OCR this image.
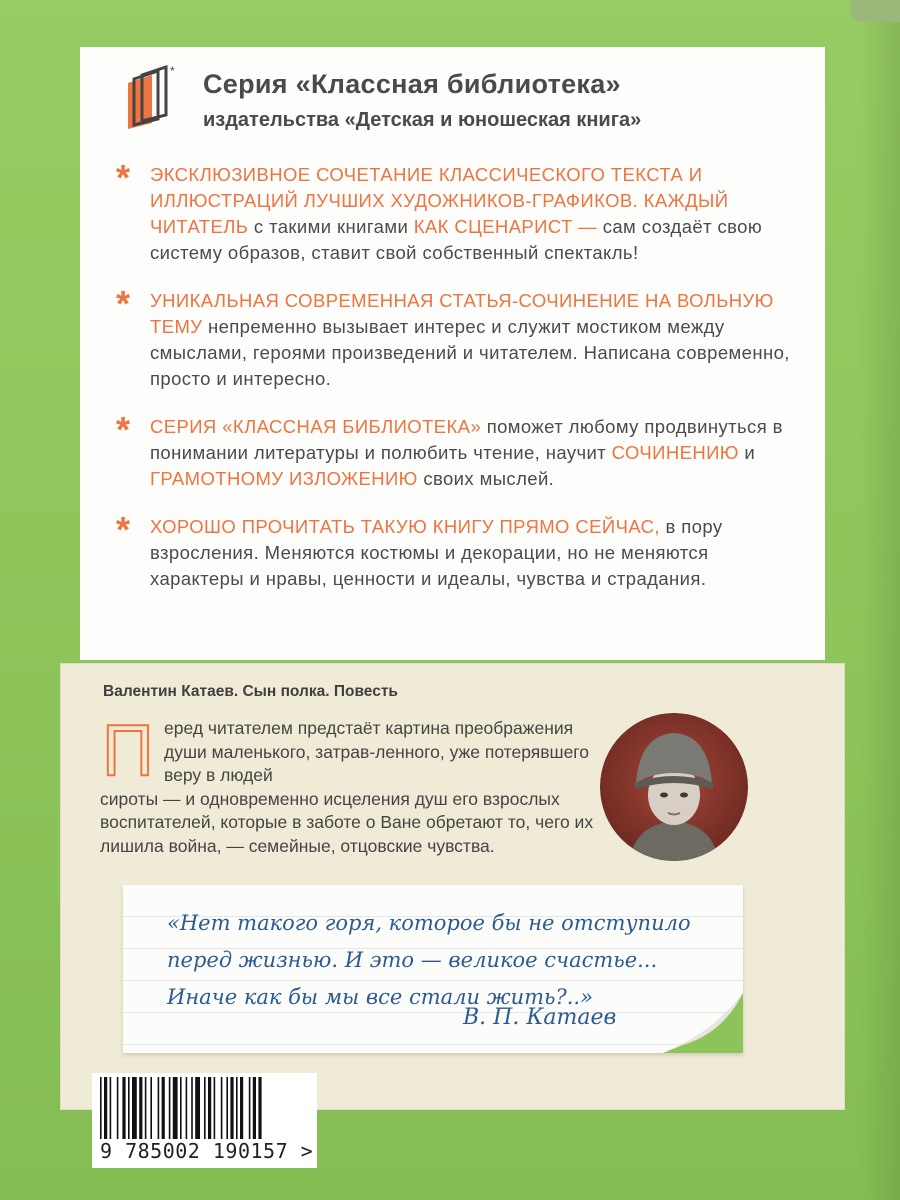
* Серия «Классная библиотека»
издательства «Детская и юношеская книга»
* ЭКСКЛЮЗИВНОЕ СОЧЕТАНИЕ КЛАССИЧЕСКОГО ТЕКСТА И ИЛЛЮСТРАЦИЙ ЛУЧШИХ ХУДОЖНИКОВ-ГРАФИКОВ. КАЖДЫЙ ЧИТАТЕЛЬ с такими книгами КАК СЦЕНАРИСТ — сам создаёт свою систему образов, ставит свой собственный спектакль!

* УНИКАЛЬНАЯ СОВРЕМЕННАЯ СТАТЬЯ-СОЧИНЕНИЕ НА ВОЛЬНУЮ ТЕМУ непременно вызывает интерес и служит мостиком между смыслами, героями произведений и читателем. Написана современно, просто и интересно.

* СЕРИЯ «КЛАССНАЯ БИБЛИОТЕКА» поможет любому продвинуться в понимании литературы и полюбить чтение, научит СОЧИНЕНИЮ и ГРАМОТНОМУ ИЗЛОЖЕНИЮ своих мыслей.

* ХОРОШО ПРОЧИТАТЬ ТАКУЮ КНИГУ ПРЯМО СЕЙЧАС, в пору взросления. Меняются костюмы и декорации, но не меняются характеры и нравы, ценности и идеалы, чувства и страдания.

Валентин Катаев. Сын полка. Повесть
П еред читателем предстаёт картина преображения души маленького, затрав-ленного, уже потерявшего веру в людей

сироты — и одновременно исцеления душ его взрослых воспитателей, которые в заботе о Ване обретают то, чего их лишила война, — семейные, отцовские чувства.

«Нет такого горя, которое бы не отступило

перед жизнью. И это — великое счастье...

Иначе как бы мы все стали жить?..»

В. П. Катаев
9 785002 190157 >
